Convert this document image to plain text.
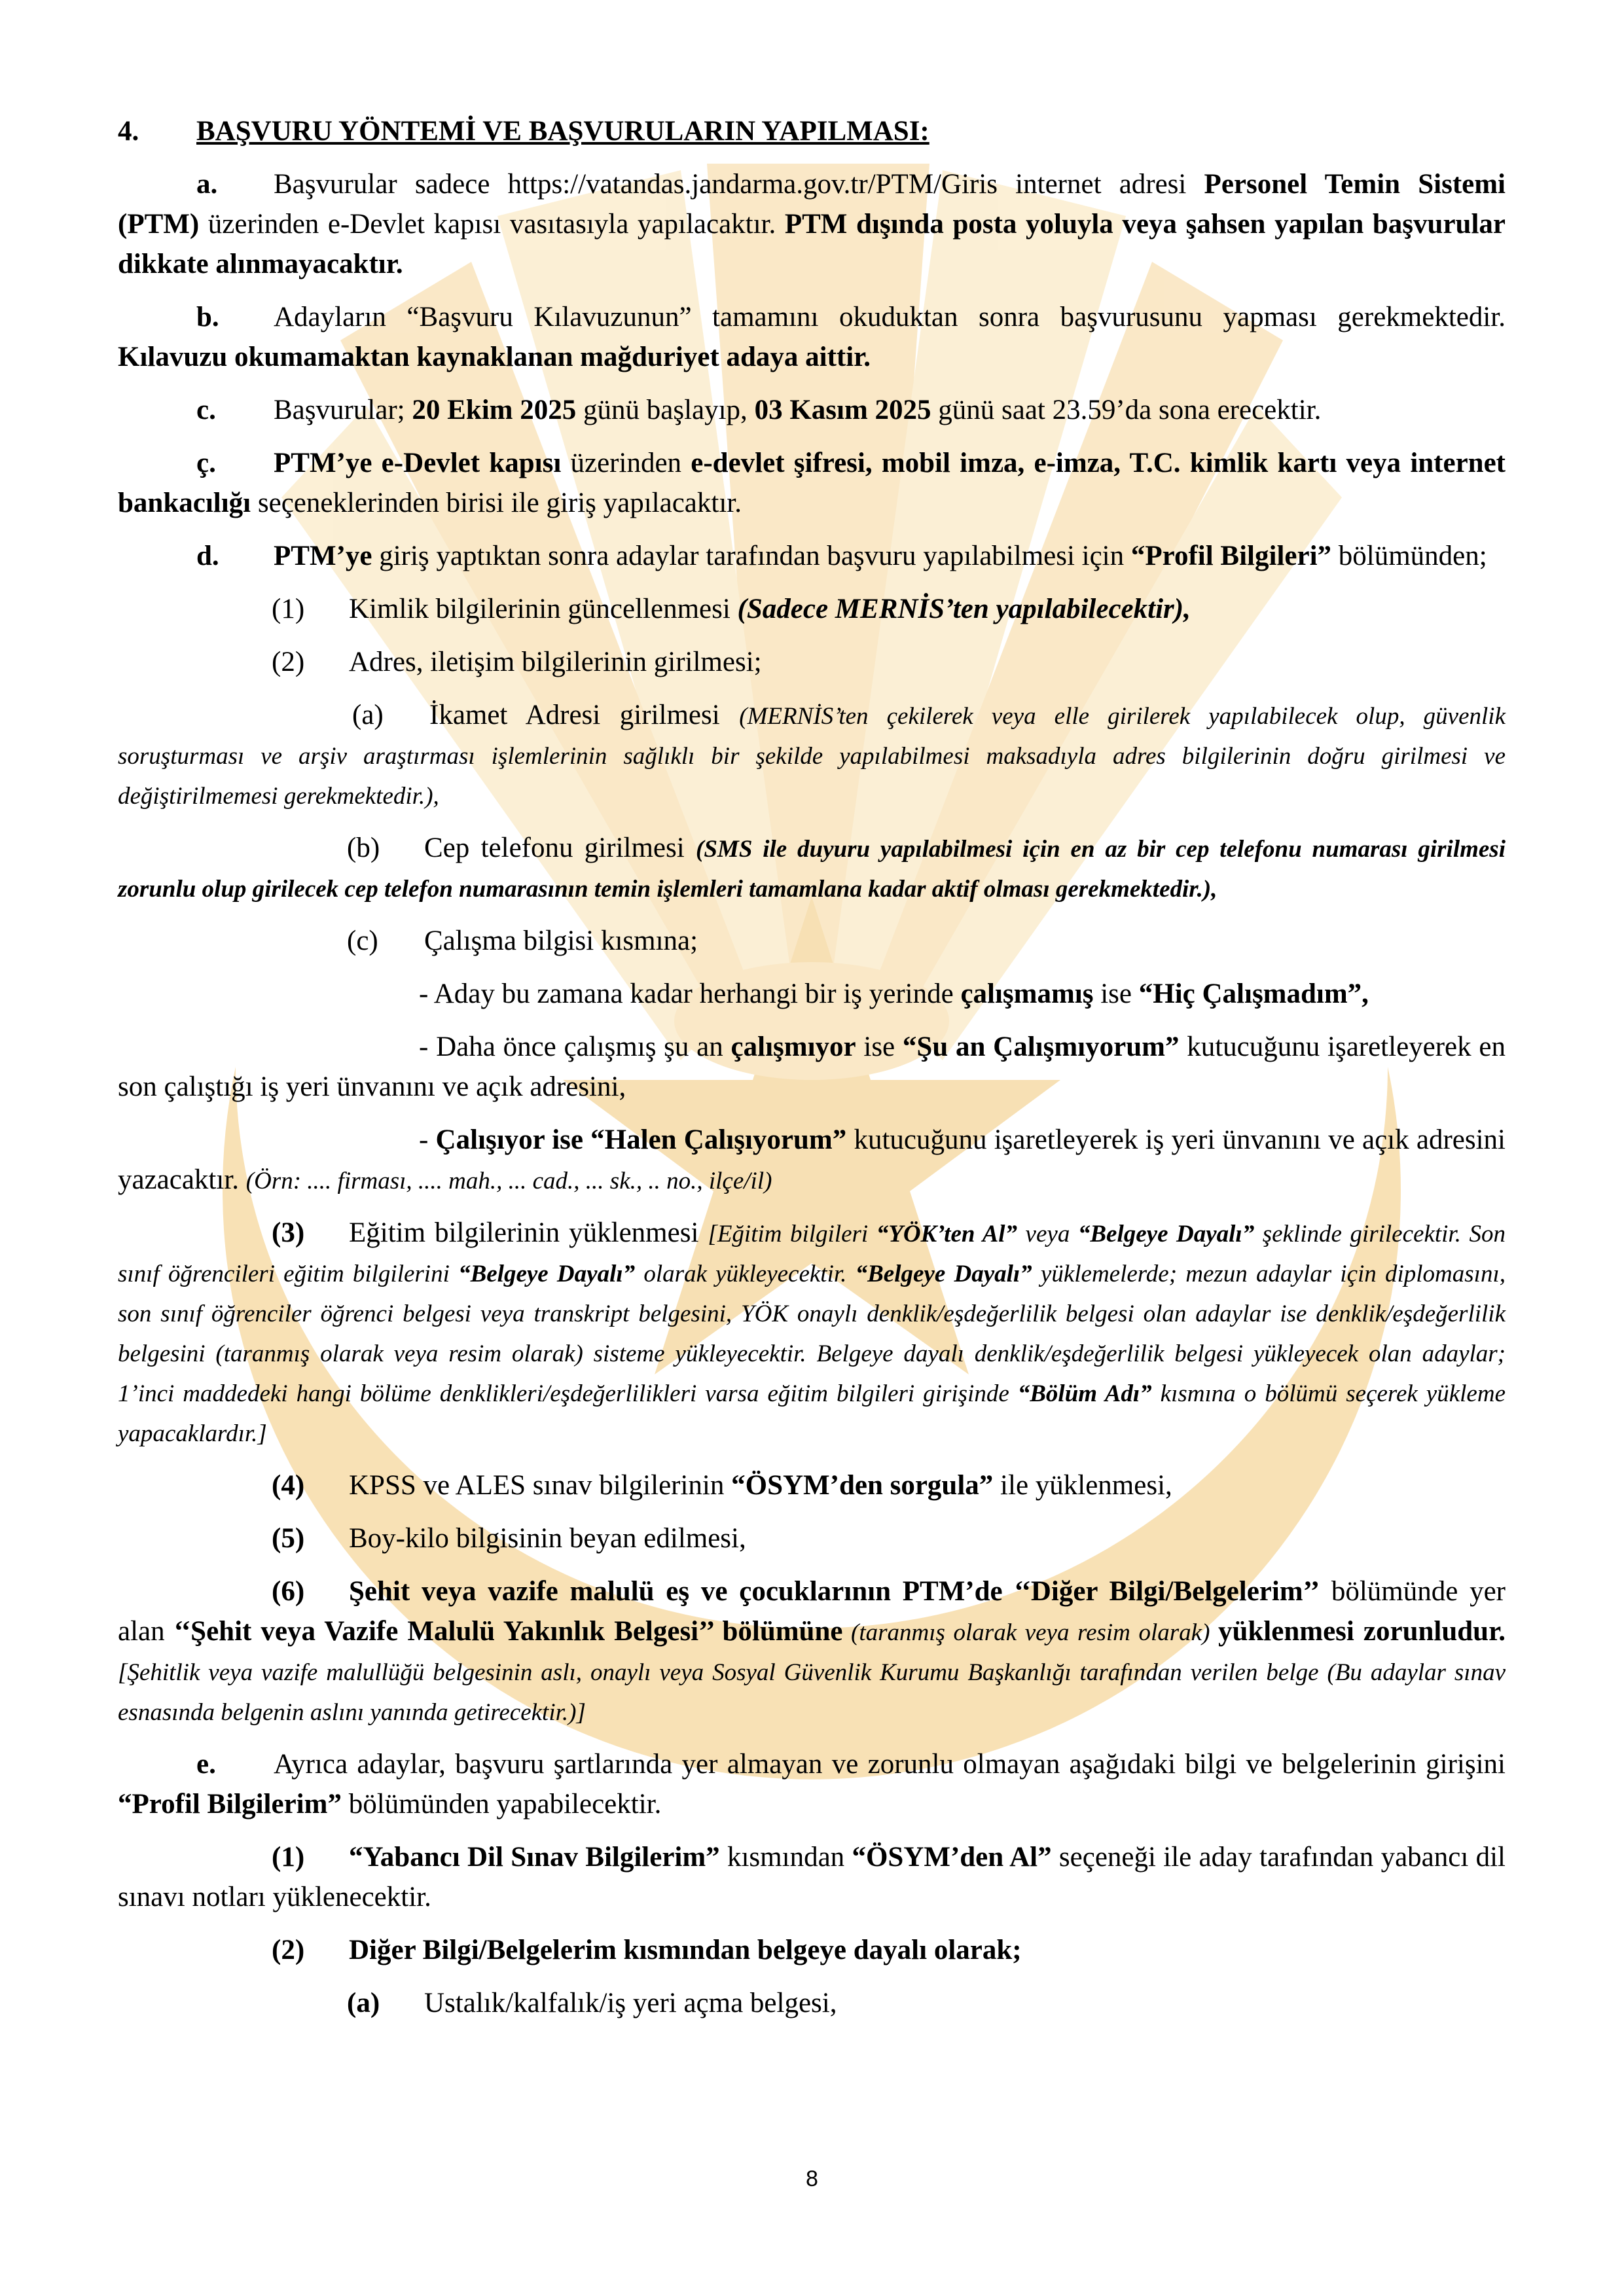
4. BAŞVURU YÖNTEMİ VE BAŞVURULARIN YAPILMASI:

a. Başvurular sadece https://vatandas.jandarma.gov.tr/PTM/Giris internet adresi Personel Temin Sistemi (PTM) üzerinden e-Devlet kapısı vasıtasıyla yapılacaktır. PTM dışında posta yoluyla veya şahsen yapılan başvurular dikkate alınmayacaktır.

b. Adayların “Başvuru Kılavuzunun” tamamını okuduktan sonra başvurusunu yapması gerekmektedir. Kılavuzu okumamaktan kaynaklanan mağduriyet adaya aittir.

c. Başvurular; 20 Ekim 2025 günü başlayıp, 03 Kasım 2025 günü saat 23.59’da sona erecektir.

ç. PTM’ye e-Devlet kapısı üzerinden e-devlet şifresi, mobil imza, e-imza, T.C. kimlik kartı veya internet bankacılığı seçeneklerinden birisi ile giriş yapılacaktır.

d. PTM’ye giriş yaptıktan sonra adaylar tarafından başvuru yapılabilmesi için “Profil Bilgileri” bölümünden;

(1) Kimlik bilgilerinin güncellenmesi (Sadece MERNİS’ten yapılabilecektir),

(2) Adres, iletişim bilgilerinin girilmesi;

(a) İkamet Adresi girilmesi (MERNİS’ten çekilerek veya elle girilerek yapılabilecek olup, güvenlik soruşturması ve arşiv araştırması işlemlerinin sağlıklı bir şekilde yapılabilmesi maksadıyla adres bilgilerinin doğru girilmesi ve değiştirilmemesi gerekmektedir.),

(b) Cep telefonu girilmesi (SMS ile duyuru yapılabilmesi için en az bir cep telefonu numarası girilmesi zorunlu olup girilecek cep telefon numarasının temin işlemleri tamamlana kadar aktif olması gerekmektedir.),

(c) Çalışma bilgisi kısmına;

- Aday bu zamana kadar herhangi bir iş yerinde çalışmamış ise “Hiç Çalışmadım”,

- Daha önce çalışmış şu an çalışmıyor ise “Şu an Çalışmıyorum” kutucuğunu işaretleyerek en son çalıştığı iş yeri ünvanını ve açık adresini,

- Çalışıyor ise “Halen Çalışıyorum” kutucuğunu işaretleyerek iş yeri ünvanını ve açık adresini yazacaktır. (Örn: .... firması, .... mah., ... cad., ... sk., .. no., ilçe/il)

(3) Eğitim bilgilerinin yüklenmesi [Eğitim bilgileri “YÖK’ten Al” veya “Belgeye Dayalı” şeklinde girilecektir. Son sınıf öğrencileri eğitim bilgilerini “Belgeye Dayalı” olarak yükleyecektir. “Belgeye Dayalı” yüklemelerde; mezun adaylar için diplomasını, son sınıf öğrenciler öğrenci belgesi veya transkript belgesini, YÖK onaylı denklik/eşdeğerlilik belgesi olan adaylar ise denklik/eşdeğerlilik belgesini (taranmış olarak veya resim olarak) sisteme yükleyecektir. Belgeye dayalı denklik/eşdeğerlilik belgesi yükleyecek olan adaylar; 1’inci maddedeki hangi bölüme denklikleri/eşdeğerlilikleri varsa eğitim bilgileri girişinde “Bölüm Adı” kısmına o bölümü seçerek yükleme yapacaklardır.]

(4) KPSS ve ALES sınav bilgilerinin “ÖSYM’den sorgula” ile yüklenmesi,

(5) Boy-kilo bilgisinin beyan edilmesi,

(6) Şehit veya vazife malulü eş ve çocuklarının PTM’de ‘‘Diğer Bilgi/Belgelerim’’ bölümünde yer alan ‘‘Şehit veya Vazife Malulü Yakınlık Belgesi’’ bölümüne (taranmış olarak veya resim olarak) yüklenmesi zorunludur. [Şehitlik veya vazife malullüğü belgesinin aslı, onaylı veya Sosyal Güvenlik Kurumu Başkanlığı tarafından verilen belge (Bu adaylar sınav esnasında belgenin aslını yanında getirecektir.)]

e. Ayrıca adaylar, başvuru şartlarında yer almayan ve zorunlu olmayan aşağıdaki bilgi ve belgelerinin girişini “Profil Bilgilerim” bölümünden yapabilecektir.

(1) “Yabancı Dil Sınav Bilgilerim” kısmından “ÖSYM’den Al” seçeneği ile aday tarafından yabancı dil sınavı notları yüklenecektir.

(2) Diğer Bilgi/Belgelerim kısmından belgeye dayalı olarak;

(a) Ustalık/kalfalık/iş yeri açma belgesi,

8
